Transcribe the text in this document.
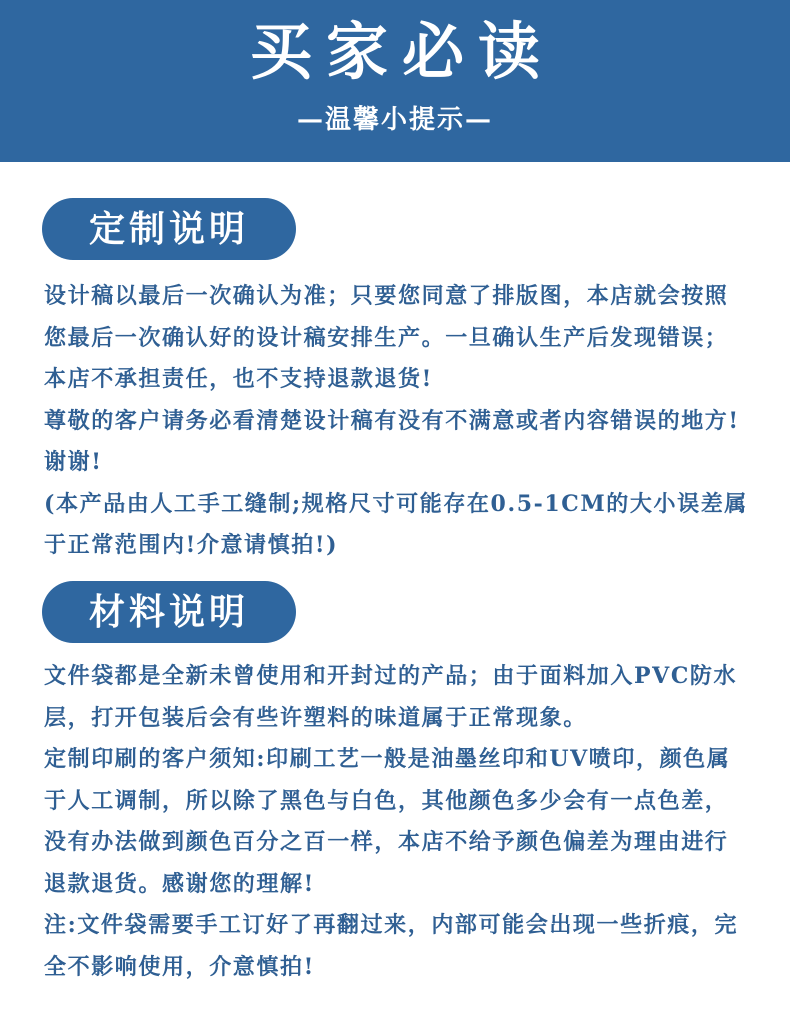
买家必读
—温馨小提示—
定制说明

设计稿以最后一次确认为准；只要您同意了排版图，本店就会按照您最后一次确认好的设计稿安排生产。一旦确认生产后发现错误；本店不承担责任，也不支持退款退货!

尊敬的客户请务必看清楚设计稿有没有不满意或者内容错误的地方!谢谢!

(本产品由人工手工缝制;规格尺寸可能存在0.5-1CM的大小误差属于正常范围内!介意请慎拍!)

材料说明

文件袋都是全新未曾使用和开封过的产品；由于面料加入PVC防水层，打开包装后会有些许塑料的味道属于正常现象。

定制印刷的客户须知:印刷工艺一般是油墨丝印和UV喷印，颜色属于人工调制，所以除了黑色与白色，其他颜色多少会有一点色差，没有办法做到颜色百分之百一样，本店不给予颜色偏差为理由进行退款退货。感谢您的理解!

注:文件袋需要手工订好了再翻过来，内部可能会出现一些折痕，完全不影响使用，介意慎拍!
